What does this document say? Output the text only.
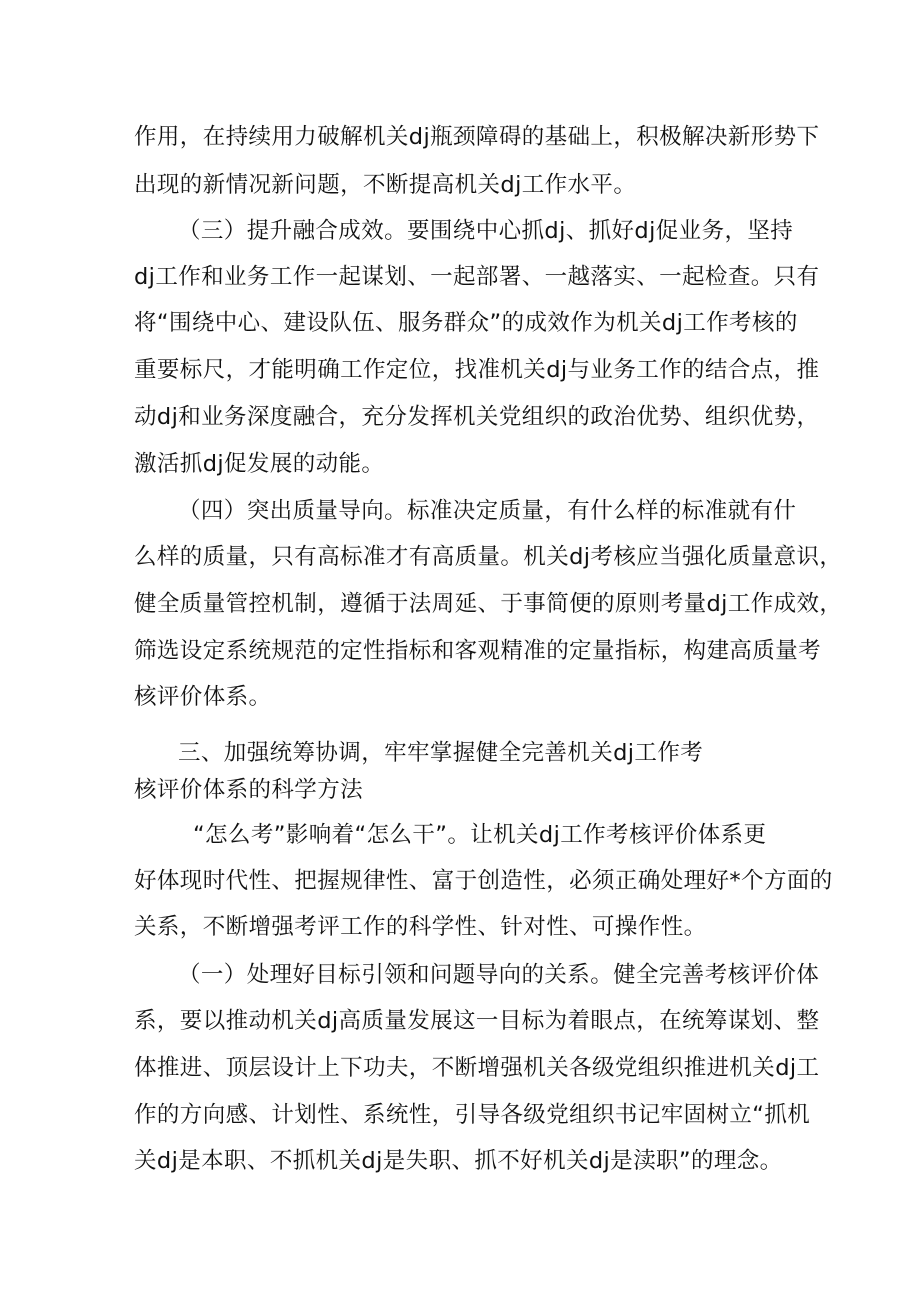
作用，在持续用力破解机关dj瓶颈障碍的基础上，积极解决新形势下
出现的新情况新问题，不断提高机关dj工作水平。
（三）提升融合成效。要围绕中心抓dj、抓好dj促业务，坚持
dj工作和业务工作一起谋划、一起部署、一越落实、一起检查。只有
将“围绕中心、建设队伍、服务群众”的成效作为机关dj工作考核的
重要标尺，才能明确工作定位，找准机关dj与业务工作的结合点，推
动dj和业务深度融合，充分发挥机关党组织的政治优势、组织优势，
激活抓dj促发展的动能。
（四）突出质量导向。标准决定质量，有什么样的标准就有什
么样的质量，只有高标准才有高质量。机关dj考核应当强化质量意识，
健全质量管控机制，遵循于法周延、于事简便的原则考量dj工作成效，
筛选设定系统规范的定性指标和客观精准的定量指标，构建高质量考
核评价体系。
三、加强统筹协调，牢牢掌握健全完善机关dj工作考
核评价体系的科学方法
“怎么考”影响着“怎么干”。让机关dj工作考核评价体系更
好体现时代性、把握规律性、富于创造性，必须正确处理好*个方面的
关系，不断增强考评工作的科学性、针对性、可操作性。
（一）处理好目标引领和问题导向的关系。健全完善考核评价体
系，要以推动机关dj高质量发展这一目标为着眼点，在统筹谋划、整
体推进、顶层设计上下功夫，不断增强机关各级党组织推进机关dj工
作的方向感、计划性、系统性，引导各级党组织书记牢固树立“抓机
关dj是本职、不抓机关dj是失职、抓不好机关dj是渎职”的理念。
